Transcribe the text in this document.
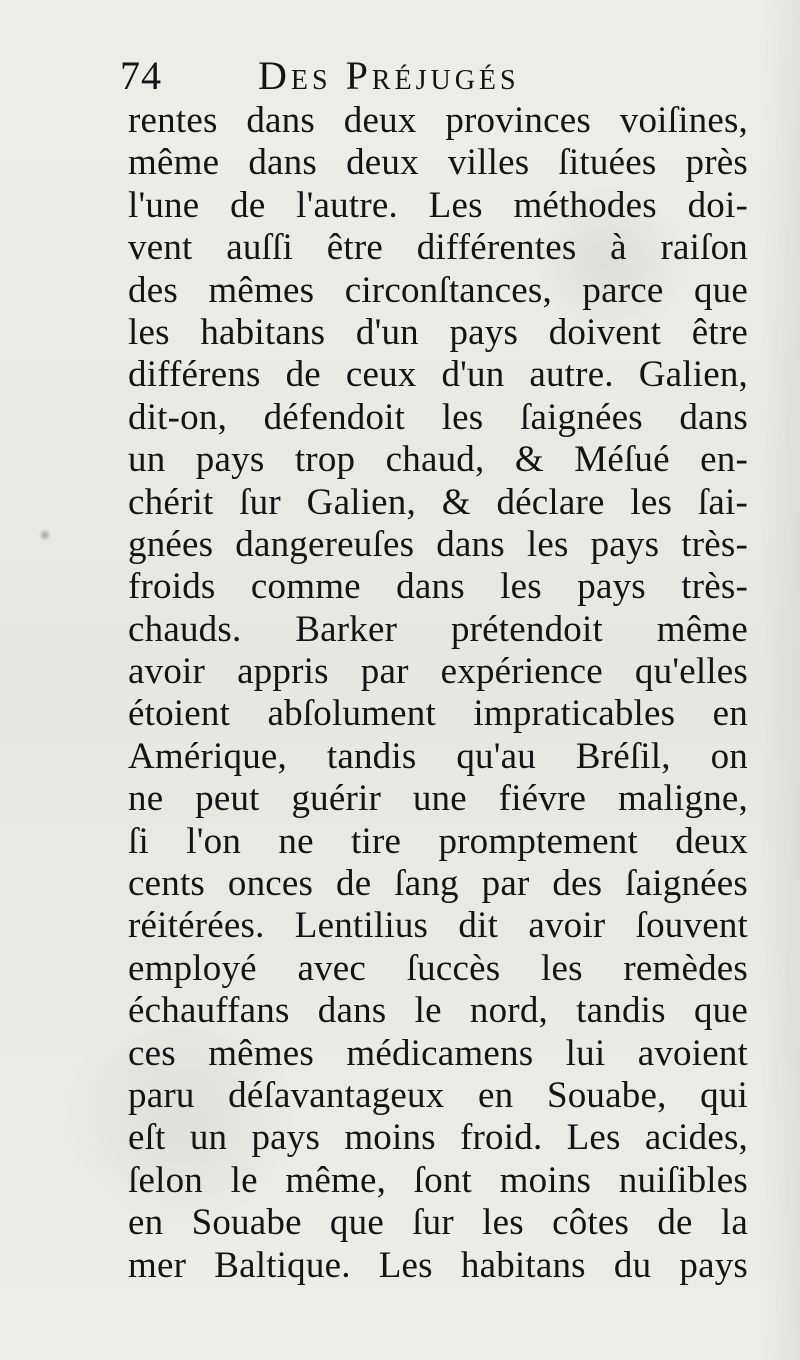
74 Des Préjugés
rentes dans deux provinces voiſines,
même dans deux villes ſituées près
l'une de l'autre. Les méthodes doi-
vent auſſi être différentes à raiſon
des mêmes circonſtances, parce que
les habitans d'un pays doivent être
différens de ceux d'un autre. Galien,
dit-on, défendoit les ſaignées dans
un pays trop chaud, & Méſué en-
chérit ſur Galien, & déclare les ſai-
gnées dangereuſes dans les pays très-
froids comme dans les pays très-
chauds. Barker prétendoit même
avoir appris par expérience qu'elles
étoient abſolument impraticables en
Amérique, tandis qu'au Bréſil, on
ne peut guérir une fiévre maligne,
ſi l'on ne tire promptement deux
cents onces de ſang par des ſaignées
réitérées. Lentilius dit avoir ſouvent
employé avec ſuccès les remèdes
échauffans dans le nord, tandis que
ces mêmes médicamens lui avoient
paru déſavantageux en Souabe, qui
eſt un pays moins froid. Les acides,
ſelon le même, ſont moins nuiſibles
en Souabe que ſur les côtes de la
mer Baltique. Les habitans du pays
